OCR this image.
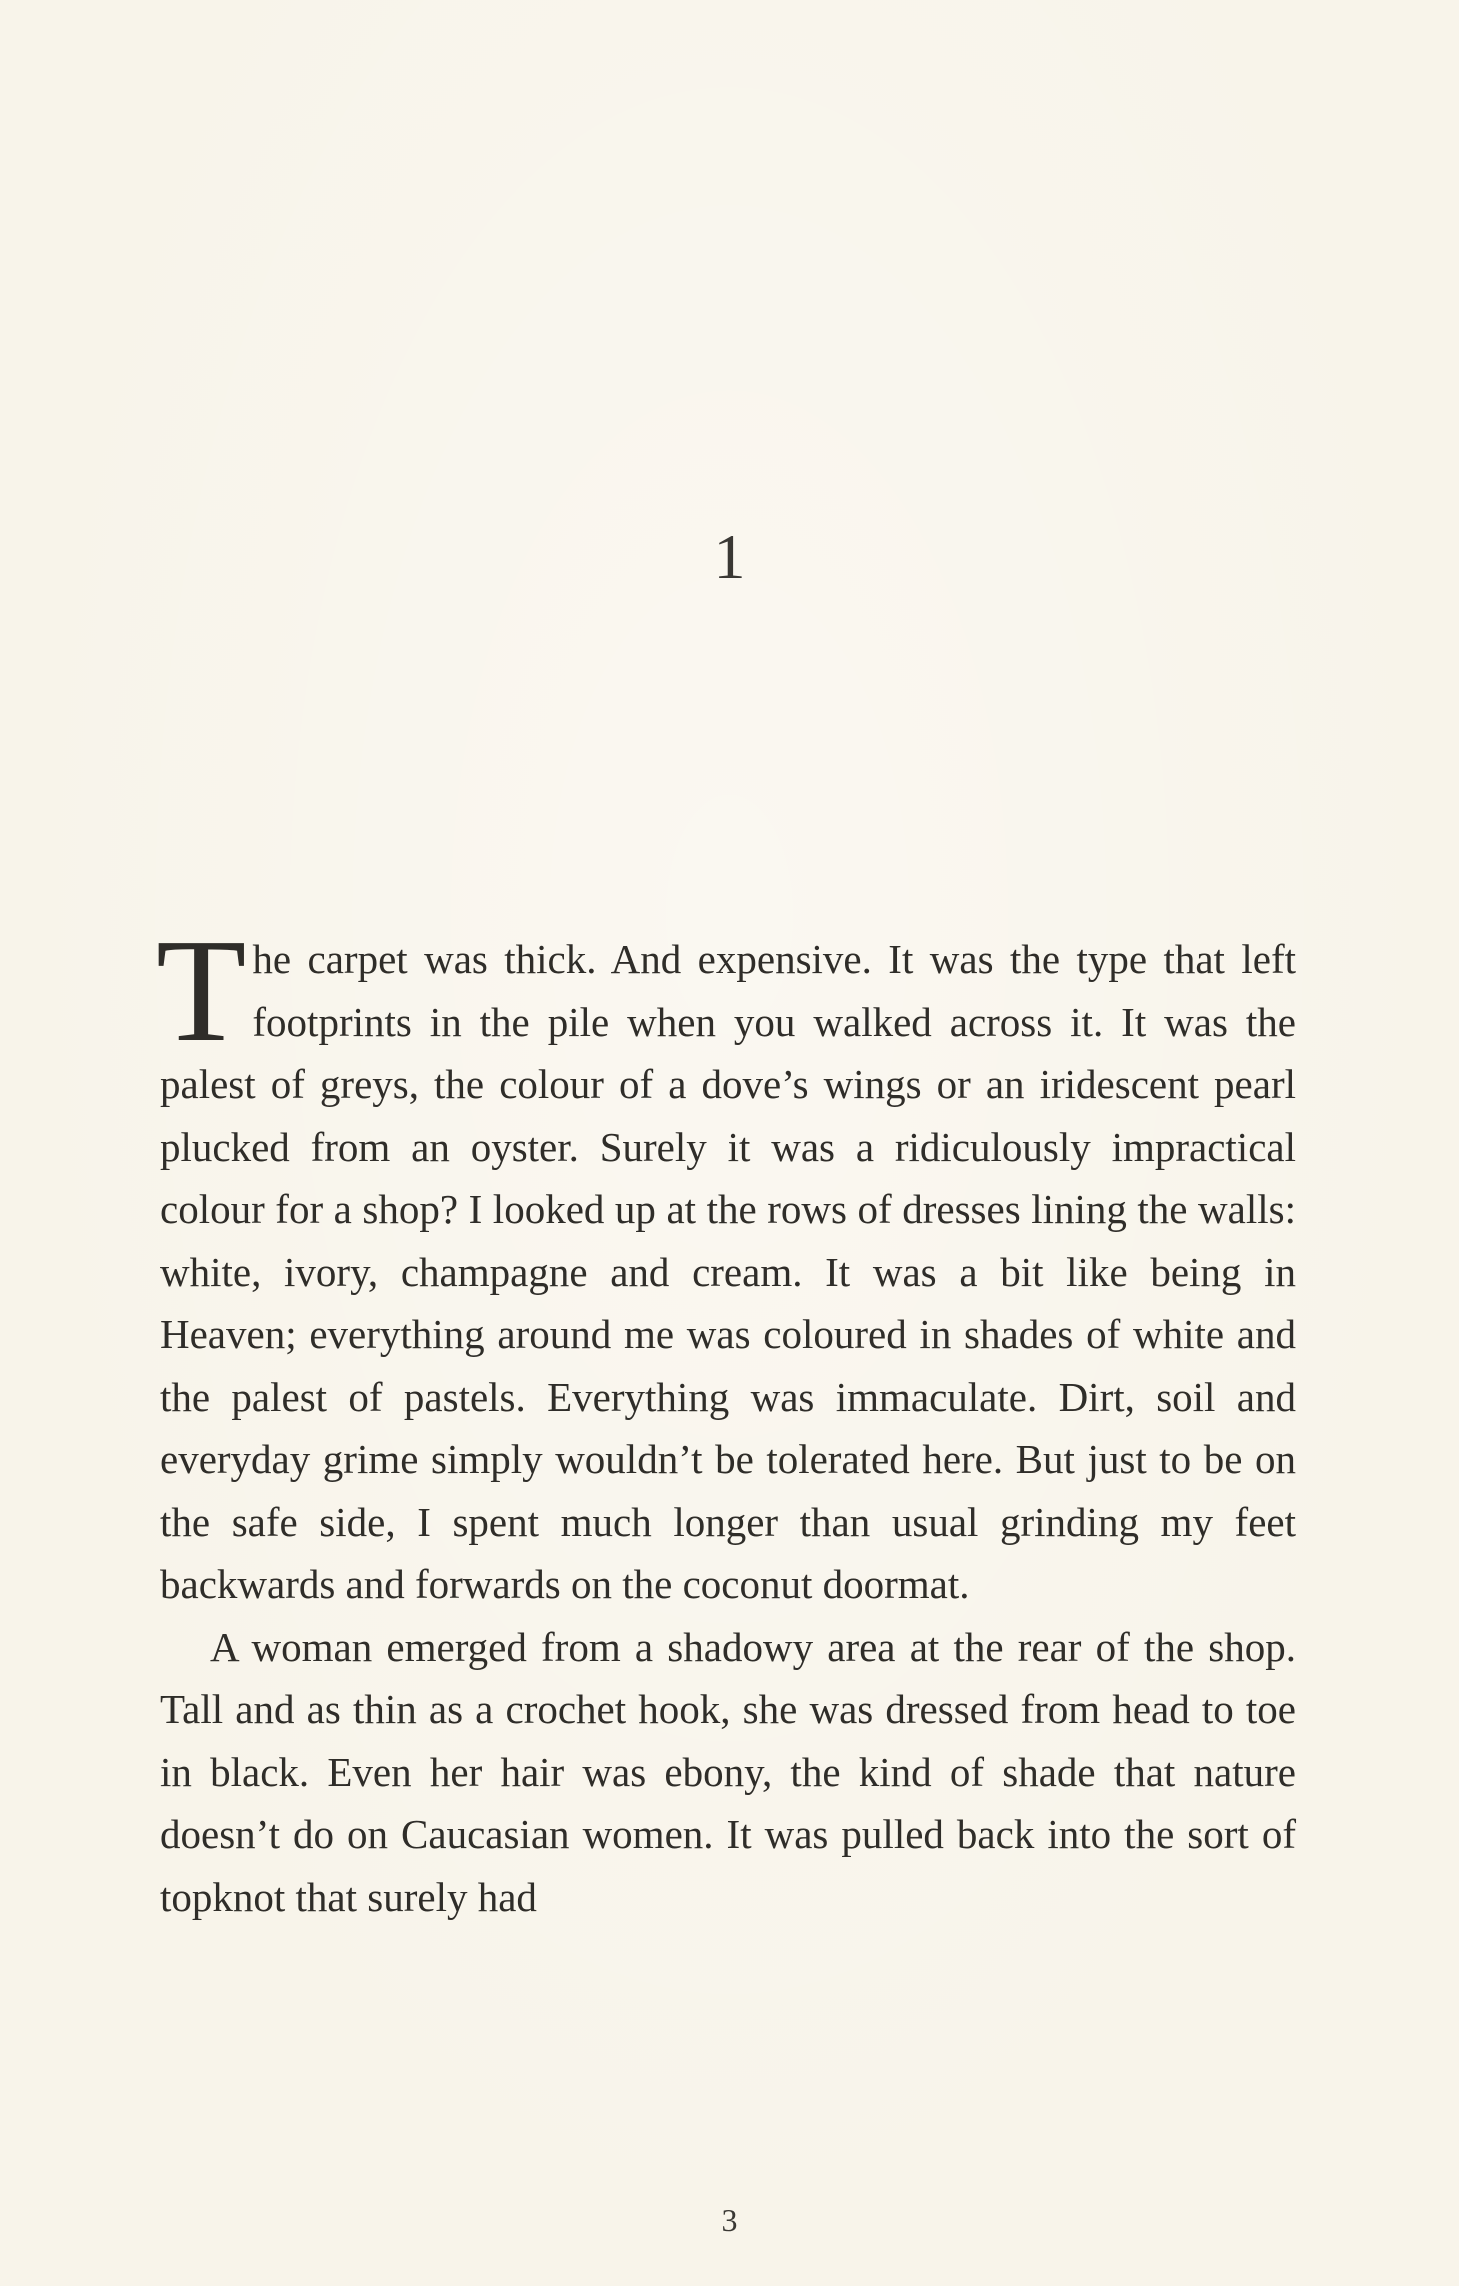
1

The carpet was thick. And expensive. It was the type that left footprints in the pile when you walked across it. It was the palest of greys, the colour of a dove’s wings or an iridescent pearl plucked from an oyster. Surely it was a ridiculously impractical colour for a shop? I looked up at the rows of dresses lining the walls: white, ivory, champagne and cream. It was a bit like being in Heaven; everything around me was coloured in shades of white and the palest of pastels. Everything was immaculate. Dirt, soil and everyday grime simply wouldn’t be tolerated here. But just to be on the safe side, I spent much longer than usual grinding my feet backwards and forwards on the coconut doormat.

A woman emerged from a shadowy area at the rear of the shop. Tall and as thin as a crochet hook, she was dressed from head to toe in black. Even her hair was ebony, the kind of shade that nature doesn’t do on Caucasian women. It was pulled back into the sort of topknot that surely had

3
